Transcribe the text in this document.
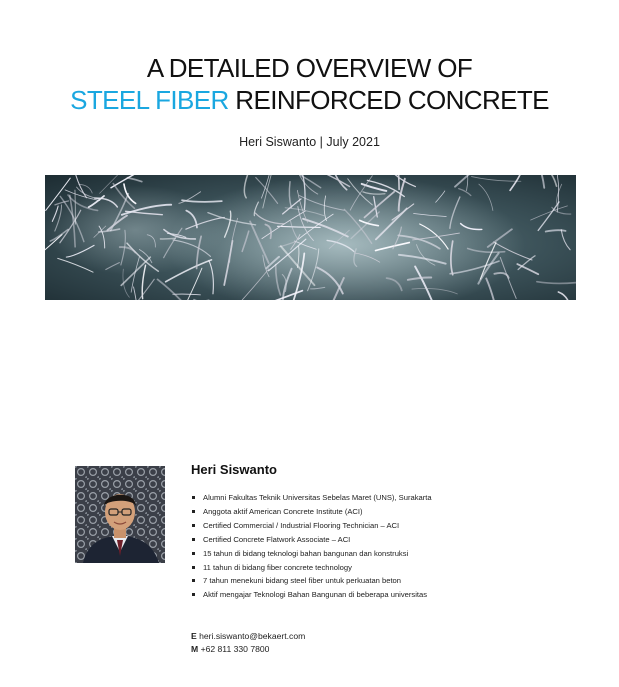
A DETAILED OVERVIEW OF
STEEL FIBER REINFORCED CONCRETE
Heri Siswanto | July 2021
Heri Siswanto
Alumni Fakultas Teknik Universitas Sebelas Maret (UNS), Surakarta
Anggota aktif American Concrete Institute (ACI)
Certified Commercial / Industrial Flooring Technician – ACI
Certified Concrete Flatwork Associate – ACI
15 tahun di bidang teknologi bahan bangunan dan konstruksi
11 tahun di bidang fiber concrete technology
7 tahun menekuni bidang steel fiber untuk perkuatan beton
Aktif mengajar Teknologi Bahan Bangunan di beberapa universitas
E heri.siswanto@bekaert.com
M +62 811 330 7800
